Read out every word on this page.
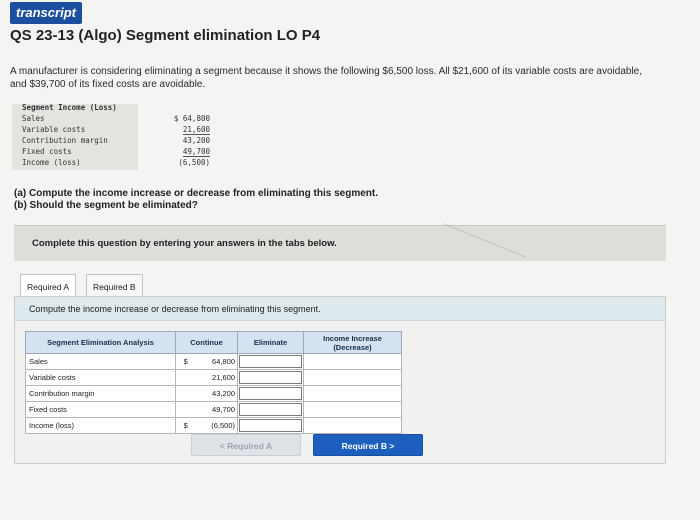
transcript
QS 23-13 (Algo) Segment elimination LO P4
A manufacturer is considering eliminating a segment because it shows the following $6,500 loss. All $21,600 of its variable costs are avoidable, and $39,700 of its fixed costs are avoidable.
Segment Income (Loss)
Sales	$ 64,800
Variable costs	21,600
Contribution margin	43,200
Fixed costs	49,700
Income (loss)	(6,500)
(a) Compute the income increase or decrease from eliminating this segment.
(b) Should the segment be eliminated?
Complete this question by entering your answers in the tabs below.
Required A	Required B
Compute the income increase or decrease from eliminating this segment.
Segment Elimination Analysis	Continue		Eliminate	Income Increase (Decrease)
Sales	$	64,800		
Variable costs		21,600		
Contribution margin		43,200		
Fixed costs		49,700		
Income (loss)	$	(6,500)		
< Required A	Required B >
